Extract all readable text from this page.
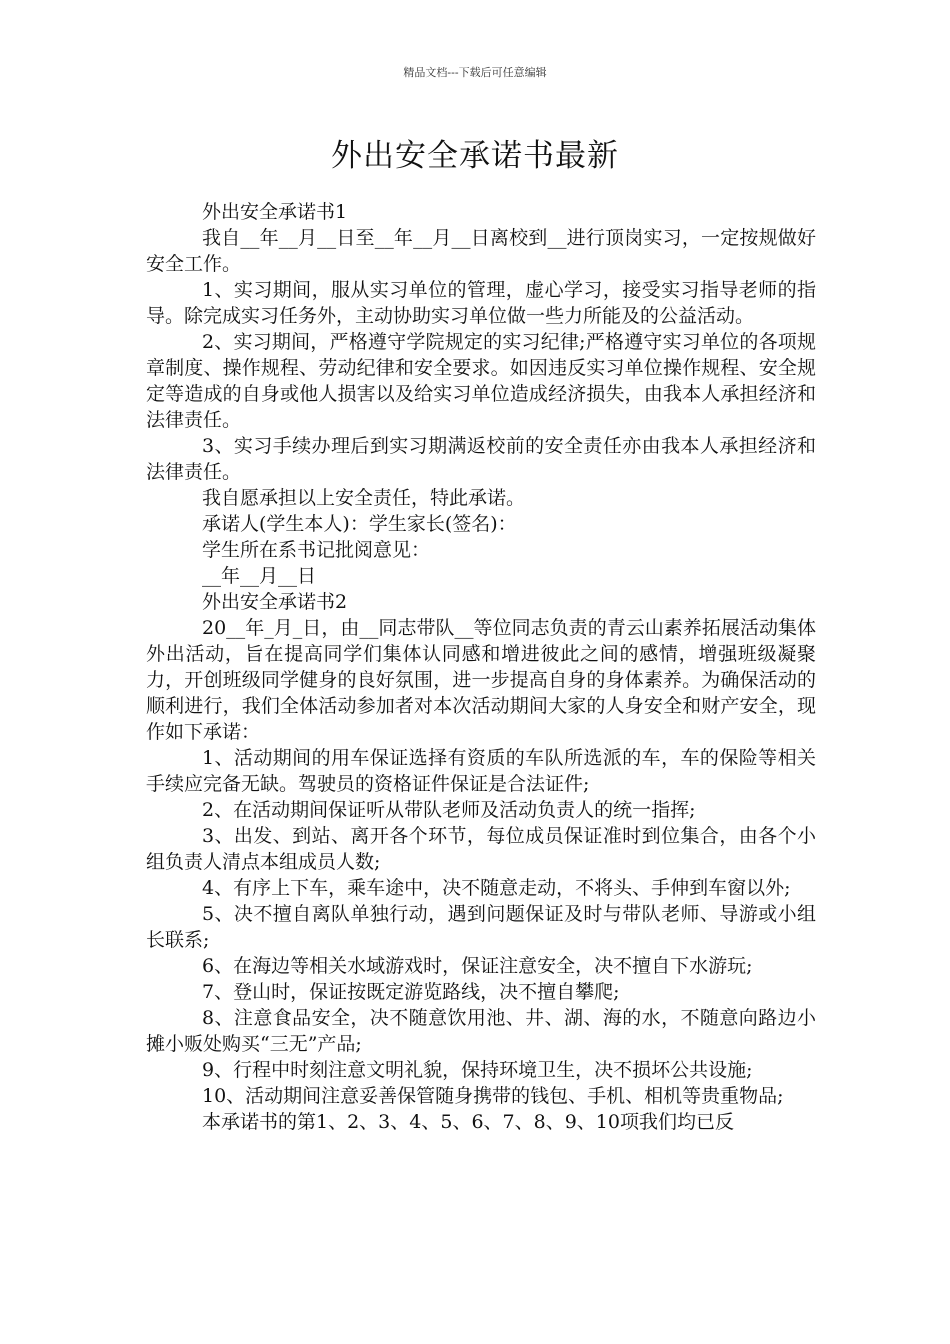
精品文档---下载后可任意编辑
外出安全承诺书最新

外出安全承诺书1

我自__年__月__日至__年__月__日离校到__进行顶岗实习，一定按规做好安全工作。

1、实习期间，服从实习单位的管理，虚心学习，接受实习指导老师的指导。除完成实习任务外，主动协助实习单位做一些力所能及的公益活动。

2、实习期间，严格遵守学院规定的实习纪律;严格遵守实习单位的各项规章制度、操作规程、劳动纪律和安全要求。如因违反实习单位操作规程、安全规定等造成的自身或他人损害以及给实习单位造成经济损失，由我本人承担经济和法律责任。

3、实习手续办理后到实习期满返校前的安全责任亦由我本人承担经济和法律责任。

我自愿承担以上安全责任，特此承诺。

承诺人(学生本人)：学生家长(签名)：

学生所在系书记批阅意见：

__年__月__日

外出安全承诺书2

20__年_月_日，由__同志带队__等位同志负责的青云山素养拓展活动集体外出活动，旨在提高同学们集体认同感和增进彼此之间的感情，增强班级凝聚力，开创班级同学健身的良好氛围，进一步提高自身的身体素养。为确保活动的顺利进行，我们全体活动参加者对本次活动期间大家的人身安全和财产安全，现作如下承诺：

1、活动期间的用车保证选择有资质的车队所选派的车，车的保险等相关手续应完备无缺。驾驶员的资格证件保证是合法证件;

2、在活动期间保证听从带队老师及活动负责人的统一指挥;

3、出发、到站、离开各个环节，每位成员保证准时到位集合，由各个小组负责人清点本组成员人数;

4、有序上下车，乘车途中，决不随意走动，不将头、手伸到车窗以外;

5、决不擅自离队单独行动，遇到问题保证及时与带队老师、导游或小组长联系;

6、在海边等相关水域游戏时，保证注意安全，决不擅自下水游玩;

7、登山时，保证按既定游览路线，决不擅自攀爬;

8、注意食品安全，决不随意饮用池、井、湖、海的水，不随意向路边小摊小贩处购买“三无”产品;

9、行程中时刻注意文明礼貌，保持环境卫生，决不损坏公共设施;

10、活动期间注意妥善保管随身携带的钱包、手机、相机等贵重物品;

本承诺书的第1、2、3、4、5、6、7、8、9、10项我们均已反
